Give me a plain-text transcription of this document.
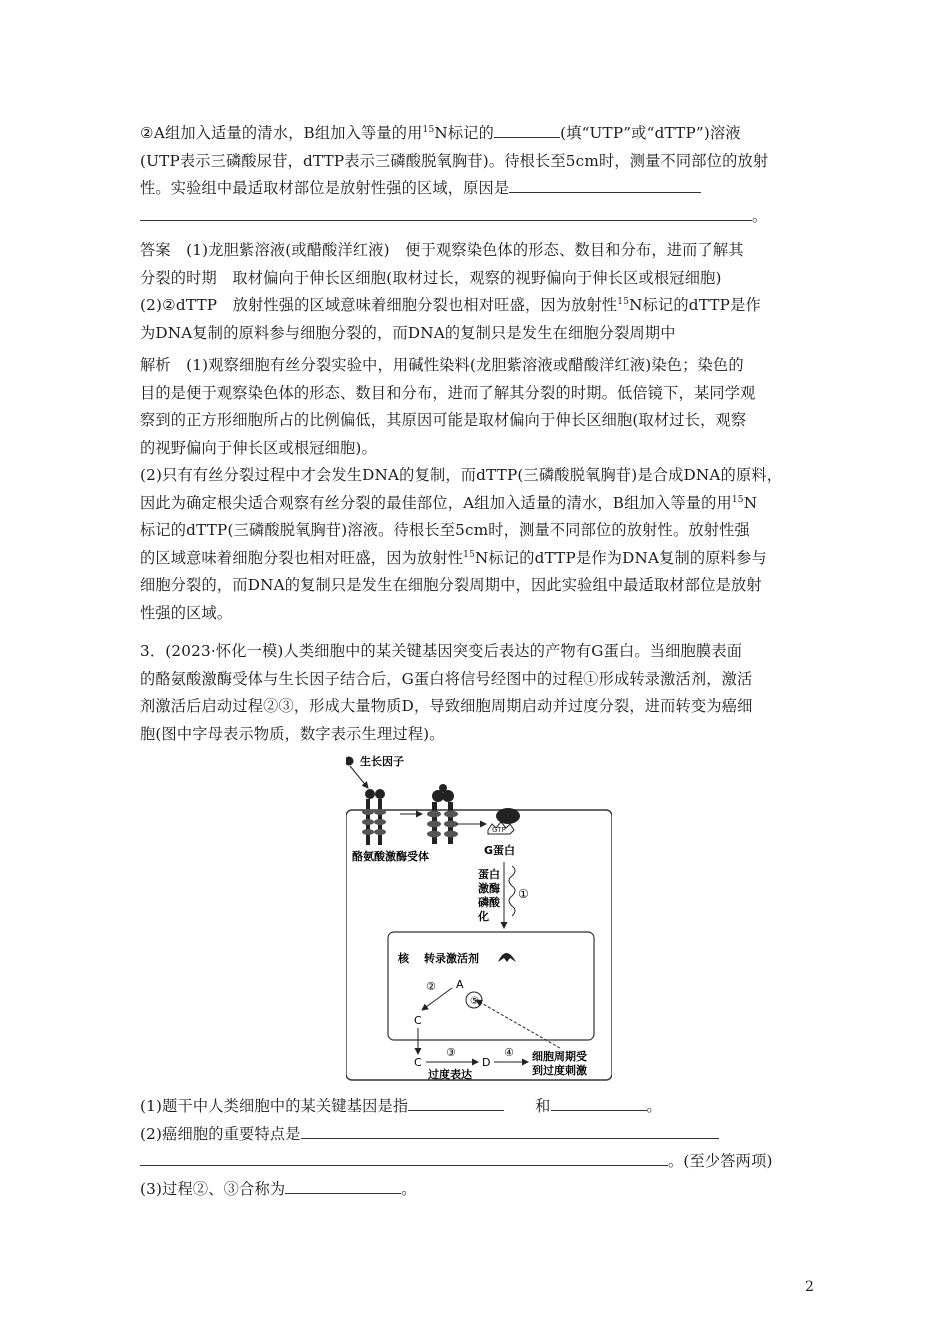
②A组加入适量的清水，B组加入等量的用$^{15}$N标记的	(填“UTP”或“dTTP”)溶液

(UTP表示三磷酸尿苷，dTTP表示三磷酸脱氧胸苷)。待根长至5cm时，测量不同部位的放射

性。实验组中最适取材部位是放射性强的区域，原因是

。

答案　 (1)龙胆紫溶液(或醋酸洋红液)　便于观察染色体的形态、数目和分布，进而了解其

分裂的时期　取材偏向于伸长区细胞(取材过长，观察的视野偏向于伸长区或根冠细胞)

(2)②dTTP　放射性强的区域意味着细胞分裂也相对旺盛，因为放射性$^{15}$N标记的dTTP是作

为DNA复制的原料参与细胞分裂的，而DNA的复制只是发生在细胞分裂周期中

解析　 (1)观察细胞有丝分裂实验中，用碱性染料(龙胆紫溶液或醋酸洋红液)染色；染色的

目的是便于观察染色体的形态、数目和分布，进而了解其分裂的时期。低倍镜下，某同学观

察到的正方形细胞所占的比例偏低，其原因可能是取材偏向于伸长区细胞(取材过长，观察

的视野偏向于伸长区或根冠细胞)。

(2)只有有丝分裂过程中才会发生DNA的复制，而dTTP(三磷酸脱氧胸苷)是合成DNA的原料，

因此为确定根尖适合观察有丝分裂的最佳部位，A组加入适量的清水，B组加入等量的用$^{15}$N

标记的dTTP(三磷酸脱氧胸苷)溶液。待根长至5cm时，测量不同部位的放射性。放射性强

的区域意味着细胞分裂也相对旺盛，因为放射性$^{15}$N标记的dTTP是作为DNA复制的原料参与

细胞分裂的，而DNA的复制只是发生在细胞分裂周期中，因此实验组中最适取材部位是放射

性强的区域。

3．(2023·怀化一模)人类细胞中的某关键基因突变后表达的产物有G蛋白。当细胞膜表面

的酪氨酸激酶受体与生长因子结合后，G蛋白将信号经图中的过程①形成转录激活剂，激活

剂激活后启动过程②③，形成大量物质D，导致细胞周期启动并过度分裂，进而转变为癌细

胞(图中字母表示物质，数字表示生理过程)。

生长因子
GTP
酪氨酸激酶受体	G蛋白
蛋白
激酶
磷酸
化
①
核 转录激活剂
A
⑤
②
C
C
③
过度表达
D
④ 细胞周期受
到过度刺激

(1)题干中人类细胞中的某关键基因是指　　	和	。

(2)癌细胞的重要特点是

。(至少答两项)

(3)过程②、③合称为	。

2
